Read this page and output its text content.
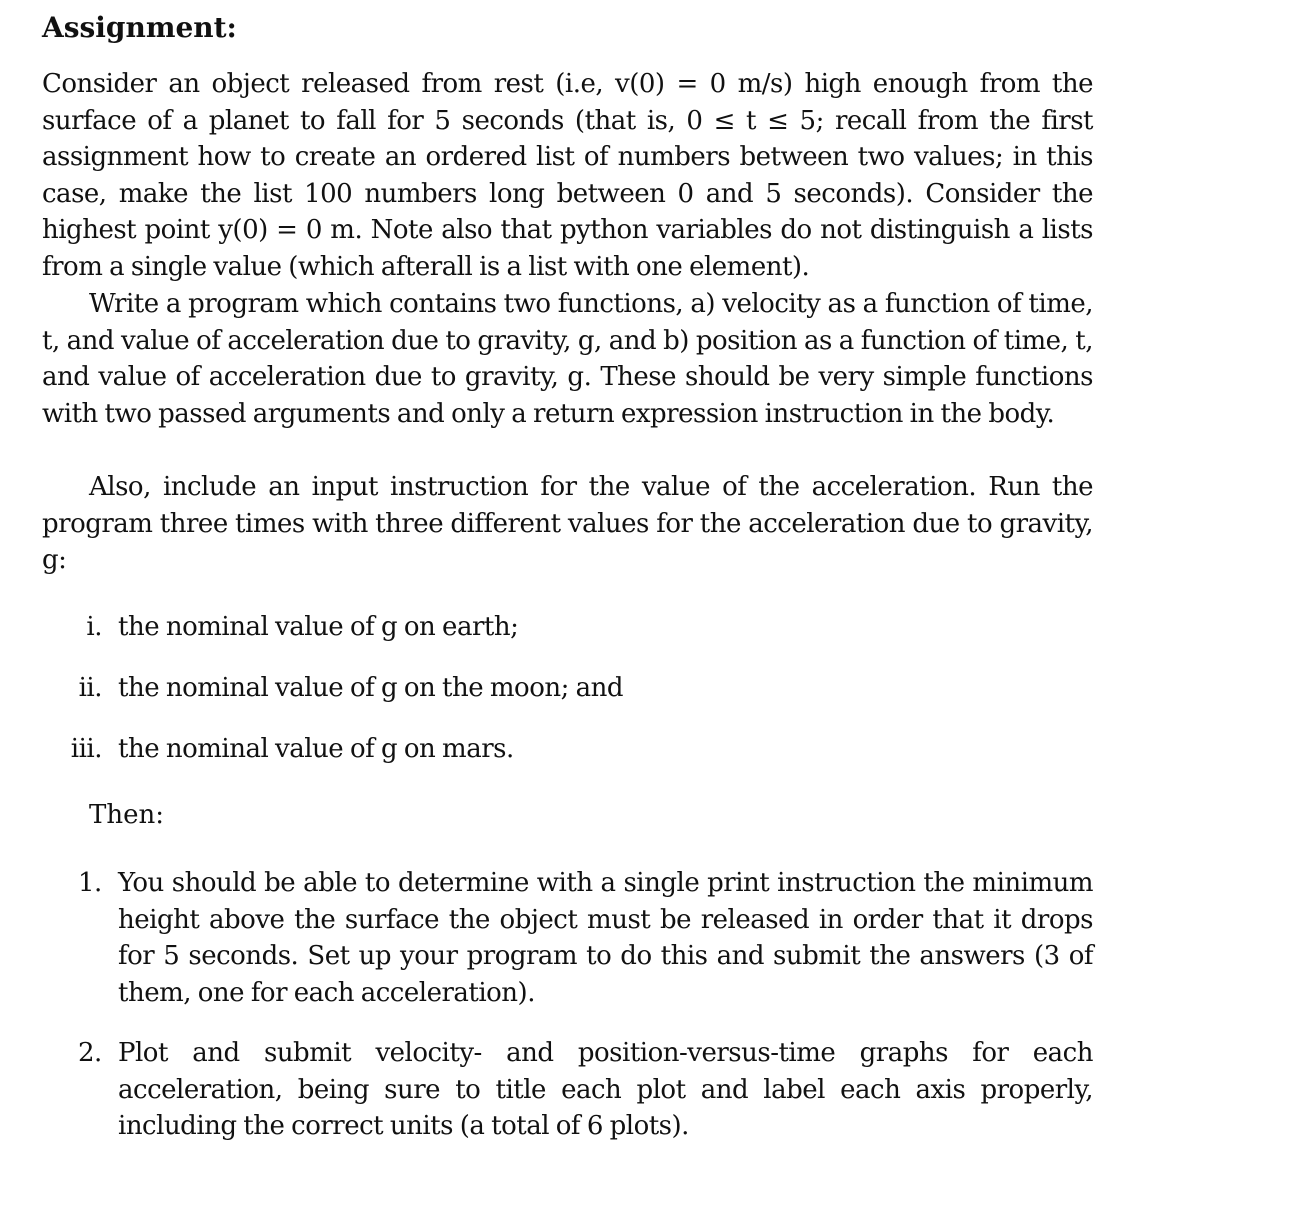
Assignment:
Consider an object released from rest (i.e, v(0) = 0 m/s) high enough from the surface of a planet to fall for 5 seconds (that is, 0 ≤ t ≤ 5; recall from the first assignment how to create an ordered list of numbers between two values; in this case, make the list 100 numbers long between 0 and 5 seconds). Consider the highest point y(0) = 0 m. Note also that python variables do not distinguish a lists from a single value (which afterall is a list with one element).
Write a program which contains two functions, a) velocity as a function of time, t, and value of acceleration due to gravity, g, and b) position as a function of time, t, and value of acceleration due to gravity, g. These should be very simple functions with two passed arguments and only a return expression instruction in the body.
Also, include an input instruction for the value of the acceleration. Run the program three times with three different values for the acceleration due to gravity, g:
i. the nominal value of g on earth;
ii. the nominal value of g on the moon; and
iii. the nominal value of g on mars.
Then:
1. You should be able to determine with a single print instruction the minimum height above the surface the object must be released in order that it drops for 5 seconds. Set up your program to do this and submit the answers (3 of them, one for each acceleration).
2. Plot and submit velocity- and position-versus-time graphs for each acceleration, being sure to title each plot and label each axis properly, including the correct units (a total of 6 plots).
